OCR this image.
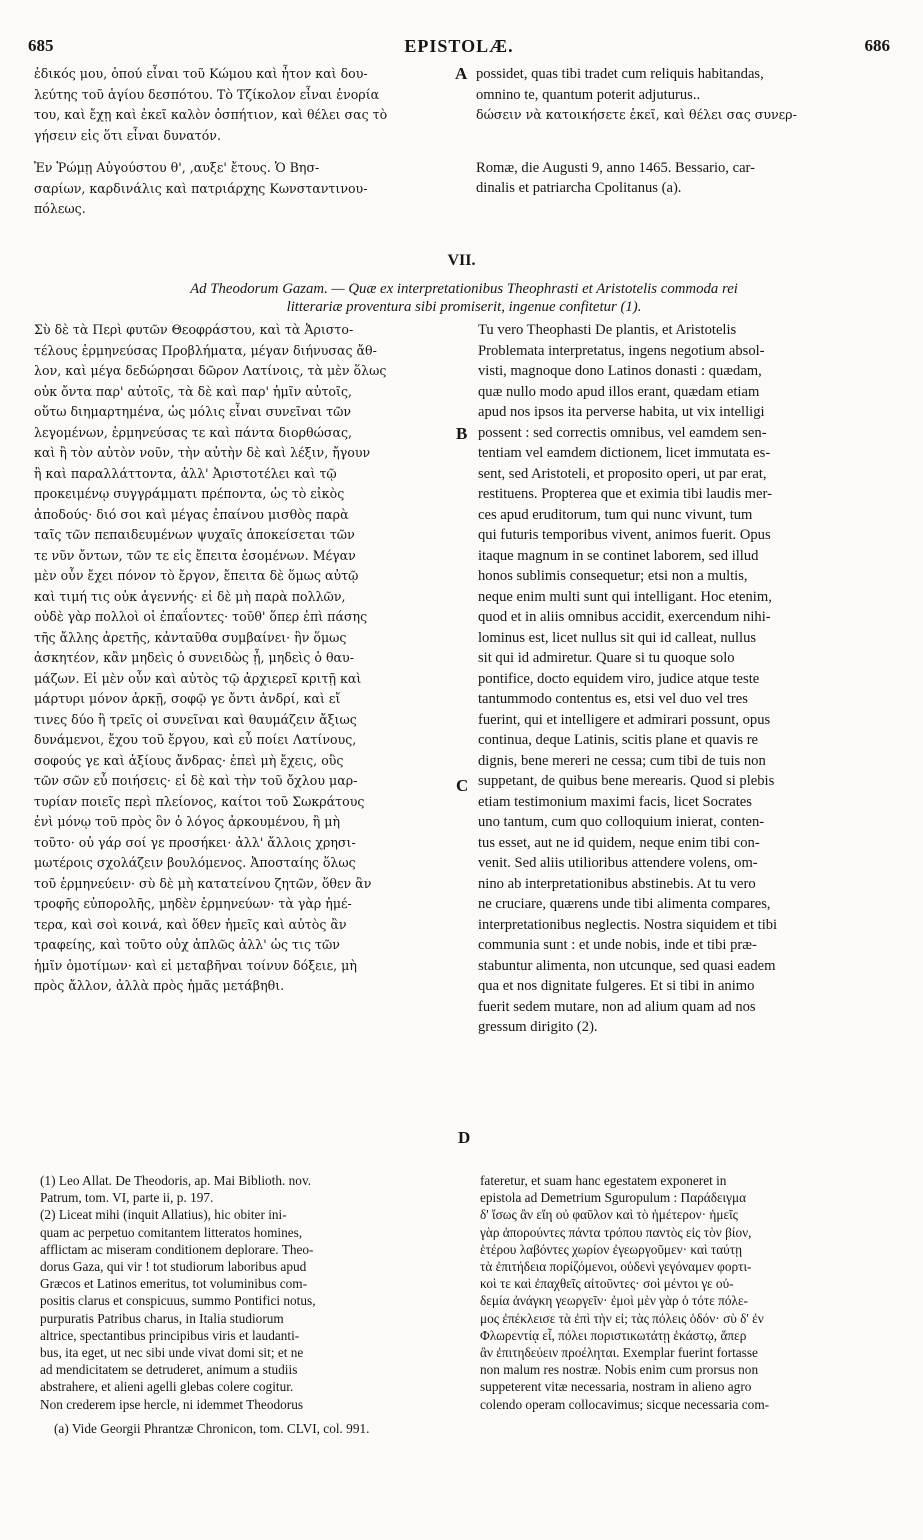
685	EPISTOLÆ.	686
ἐδικός μου, ὁπού εἶναι τοῦ Κώμου καὶ ἦτον καὶ δου-
λεύτης τοῦ ἁγίου δεσπότου. Τὸ Τζίκολον εἶναι ἐνορία
του, καὶ ἔχῃ καὶ ἐκεῖ καλὸν ὁσπήτιον, καὶ θέλει σας τὸ
γήσειν εἰς ὅτι εἶναι δυνατόν.
Ἐν Ῥώμῃ Αὐγούστου θ', ,αυξε' ἔτους. Ὁ Βησ-
σαρίων, καρδινάλις καὶ πατριάρχης Κωνσταντινου-
πόλεως.
possidet, quas tibi tradet cum reliquis habitandas,
omnino te, quantum poterit adjuturus..
δώσειν νὰ κατοικήσετε ἐκεῖ, καὶ θέλει σας συνερ-
Romæ, die Augusti 9, anno 1465. Bessario, car-
dinalis et patriarcha Cpolitanus (a).
A
VII.
Ad Theodorum Gazam. — Quæ ex interpretationibus Theophrasti et Aristotelis commoda rei
litterariæ proventura sibi promiserit, ingenue confitetur (1).
Σὺ δὲ τὰ Περὶ φυτῶν Θεοφράστου, καὶ τὰ Ἀριστο-
τέλους ἑρμηνεύσας Προβλήματα, μέγαν διήνυσας ἄθ-
λον, καὶ μέγα δεδώρησαι δῶρον Λατίνοις, τὰ μὲν ὅλως
οὐκ ὄντα παρ' αὐτοῖς, τὰ δὲ καὶ παρ' ἡμῖν αὐτοῖς,
οὕτω διημαρτημένα, ὡς μόλις εἶναι συνεῖναι τῶν
λεγομένων, ἑρμηνεύσας τε καὶ πάντα διορθώσας,
καὶ ἢ τὸν αὐτὸν νοῦν, τὴν αὐτὴν δὲ καὶ λέξιν, ἤγουν
ἢ καὶ παραλλάττοντα, ἀλλ' Ἀριστοτέλει καὶ τῷ
προκειμένῳ συγγράμματι πρέποντα, ὡς τὸ εἰκὸς
ἀποδούς· διό σοι καὶ μέγας ἐπαίνου μισθὸς παρὰ
ταῖς τῶν πεπαιδευμένων ψυχαῖς ἀποκείσεται τῶν
τε νῦν ὄντων, τῶν τε εἰς ἔπειτα ἐσομένων. Μέγαν
μὲν οὖν ἔχει πόνον τὸ ἔργον, ἔπειτα δὲ ὅμως αὐτῷ
καὶ τιμή τις οὐκ ἀγεννής· εἰ δὲ μὴ παρὰ πολλῶν,
οὐδὲ γὰρ πολλοὶ οἱ ἐπαΐοντες· τοῦθ' ὅπερ ἐπὶ πάσης
τῆς ἄλλης ἀρετῆς, κἀνταῦθα συμβαίνει· ἣν ὅμως
ἀσκητέον, κἂν μηδεὶς ὁ συνειδὼς ᾖ, μηδεὶς ὁ θαυ-
μάζων. Εἰ μὲν οὖν καὶ αὐτὸς τῷ ἀρχιερεῖ κριτῇ καὶ
μάρτυρι μόνον ἀρκῇ, σοφῷ γε ὄντι ἀνδρί, καὶ εἴ
τινες δύο ἢ τρεῖς οἱ συνεῖναι καὶ θαυμάζειν ἄξιως
δυνάμενοι, ἔχου τοῦ ἔργου, καὶ εὖ ποίει Λατίνους,
σοφούς γε καὶ ἀξίους ἄνδρας· ἐπεὶ μὴ ἔχεις, οὓς
τῶν σῶν εὖ ποιήσεις· εἰ δὲ καὶ τὴν τοῦ ὄχλου μαρ-
τυρίαν ποιεῖς περὶ πλείονος, καίτοι τοῦ Σωκράτους
ἐνὶ μόνῳ τοῦ πρὸς ὃν ὁ λόγος ἀρκουμένου, ἢ μὴ
τοῦτο· οὐ γάρ σοί γε προσήκει· ἀλλ' ἄλλοις χρησι-
μωτέροις σχολάζειν βουλόμενος. Ἀποσταίης ὅλως
τοῦ ἑρμηνεύειν· σὺ δὲ μὴ κατατείνου ζητῶν, ὅθεν ἂν
τροφῆς εὐπορολῆς, μηδὲν ἑρμηνεύων· τὰ γὰρ ἡμέ-
τερα, καὶ σοὶ κοινά, καὶ ὅθεν ἡμεῖς καὶ αὐτὸς ἂν
τραφείης, καὶ τοῦτο οὐχ ἁπλῶς ἀλλ' ὡς τις τῶν
ἡμῖν ὁμοτίμων· καὶ εἰ μεταβῆναι τοίνυν δόξειε, μὴ
πρὸς ἄλλον, ἀλλὰ πρὸς ἡμᾶς μετάβηθι.
Tu vero Theophasti De plantis, et Aristotelis
Problemata interpretatus, ingens negotium absol-
visti, magnoque dono Latinos donasti : quædam,
quæ nullo modo apud illos erant, quædam etiam
apud nos ipsos ita perverse habita, ut vix intelligi
possent : sed correctis omnibus, vel eamdem sen-
tentiam vel eamdem dictionem, licet immutata es-
sent, sed Aristoteli, et proposito operi, ut par erat,
restituens. Propterea que et eximia tibi laudis mer-
ces apud eruditorum, tum qui nunc vivunt, tum
qui futuris temporibus vivent, animos fuerit. Opus
itaque magnum in se continet laborem, sed illud
honos sublimis consequetur; etsi non a multis,
neque enim multi sunt qui intelligant. Hoc etenim,
quod et in aliis omnibus accidit, exercendum nihi-
lominus est, licet nullus sit qui id calleat, nullus
sit qui id admiretur. Quare si tu quoque solo
pontifice, docto equidem viro, judice atque teste
tantummodo contentus es, etsi vel duo vel tres
fuerint, qui et intelligere et admirari possunt, opus
continua, deque Latinis, scitis plane et quavis re
dignis, bene mereri ne cessa; cum tibi de tuis non
suppetant, de quibus bene merearis. Quod si plebis
etiam testimonium maximi facis, licet Socrates
uno tantum, cum quo colloquium inierat, conten-
tus esset, aut ne id quidem, neque enim tibi con-
venit. Sed aliis utilioribus attendere volens, om-
nino ab interpretationibus abstinebis. At tu vero
ne cruciare, quærens unde tibi alimenta compares,
interpretationibus neglectis. Nostra siquidem et tibi
communia sunt : et unde nobis, inde et tibi præ-
stabuntur alimenta, non utcunque, sed quasi eadem
qua et nos dignitate fulgeres. Et si tibi in animo
fuerit sedem mutare, non ad alium quam ad nos
gressum dirigito (2).
B
C
D
(1) Leo Allat. De Theodoris, ap. Mai Biblioth. nov.
Patrum, tom. VI, parte ii, p. 197.
(2) Liceat mihi (inquit Allatius), hic obiter ini-
quam ac perpetuo comitantem litteratos homines,
afflictam ac miseram conditionem deplorare. Theo-
dorus Gaza, qui vir ! tot studiorum laboribus apud
Græcos et Latinos emeritus, tot voluminibus com-
positis clarus et conspicuus, summo Pontifici notus,
purpuratis Patribus charus, in Italia studiorum
altrice, spectantibus principibus viris et laudanti-
bus, ita eget, ut nec sibi unde vivat domi sit; et ne
ad mendicitatem se detruderet, animum a studiis
abstrahere, et alieni agelli glebas colere cogitur.
Non crederem ipse hercle, ni idemmet Theodorus
fateretur, et suam hanc egestatem exponeret in
epistola ad Demetrium Sguropulum : Παράδειγμα
δ' ἴσως ἂν εἴη οὐ φαῦλον καὶ τὸ ἡμέτερον· ἡμεῖς
γὰρ ἀπορούντες πάντα τρόπου παντὸς εἰς τὸν βίον,
ἑτέρου λαβόντες χωρίον ἐγεωργοῦμεν· καὶ ταύτῃ
τὰ ἐπιτήδεια πορίζόμενοι, οὐδενὶ γεγόναμεν φορτι-
κοὶ τε καὶ ἐπαχθεῖς αἰτοῦντες· σοὶ μέντοι γε οὐ-
δεμία ἀνάγκη γεωργεῖν· ἐμοὶ μὲν γὰρ ὁ τότε πόλε-
μος ἐπέκλεισε τὰ ἐπὶ τὴν εἰ; τὰς πόλεις ὁδόν· σὺ δ' ἐν
Φλωρεντίᾳ εἶ, πόλει ποριστικωτάτῃ ἑκάστῳ, ἅπερ
ἂν ἐπιτηδεύειν προέληται. Exemplar fuerint fortasse
non malum res nostræ. Nobis enim cum prorsus non
suppeterent vitæ necessaria, nostram in alieno agro
colendo operam collocavimus; sicque necessaria com-
(a) Vide Georgii Phrantzæ Chronicon, tom. CLVI, col. 991.
